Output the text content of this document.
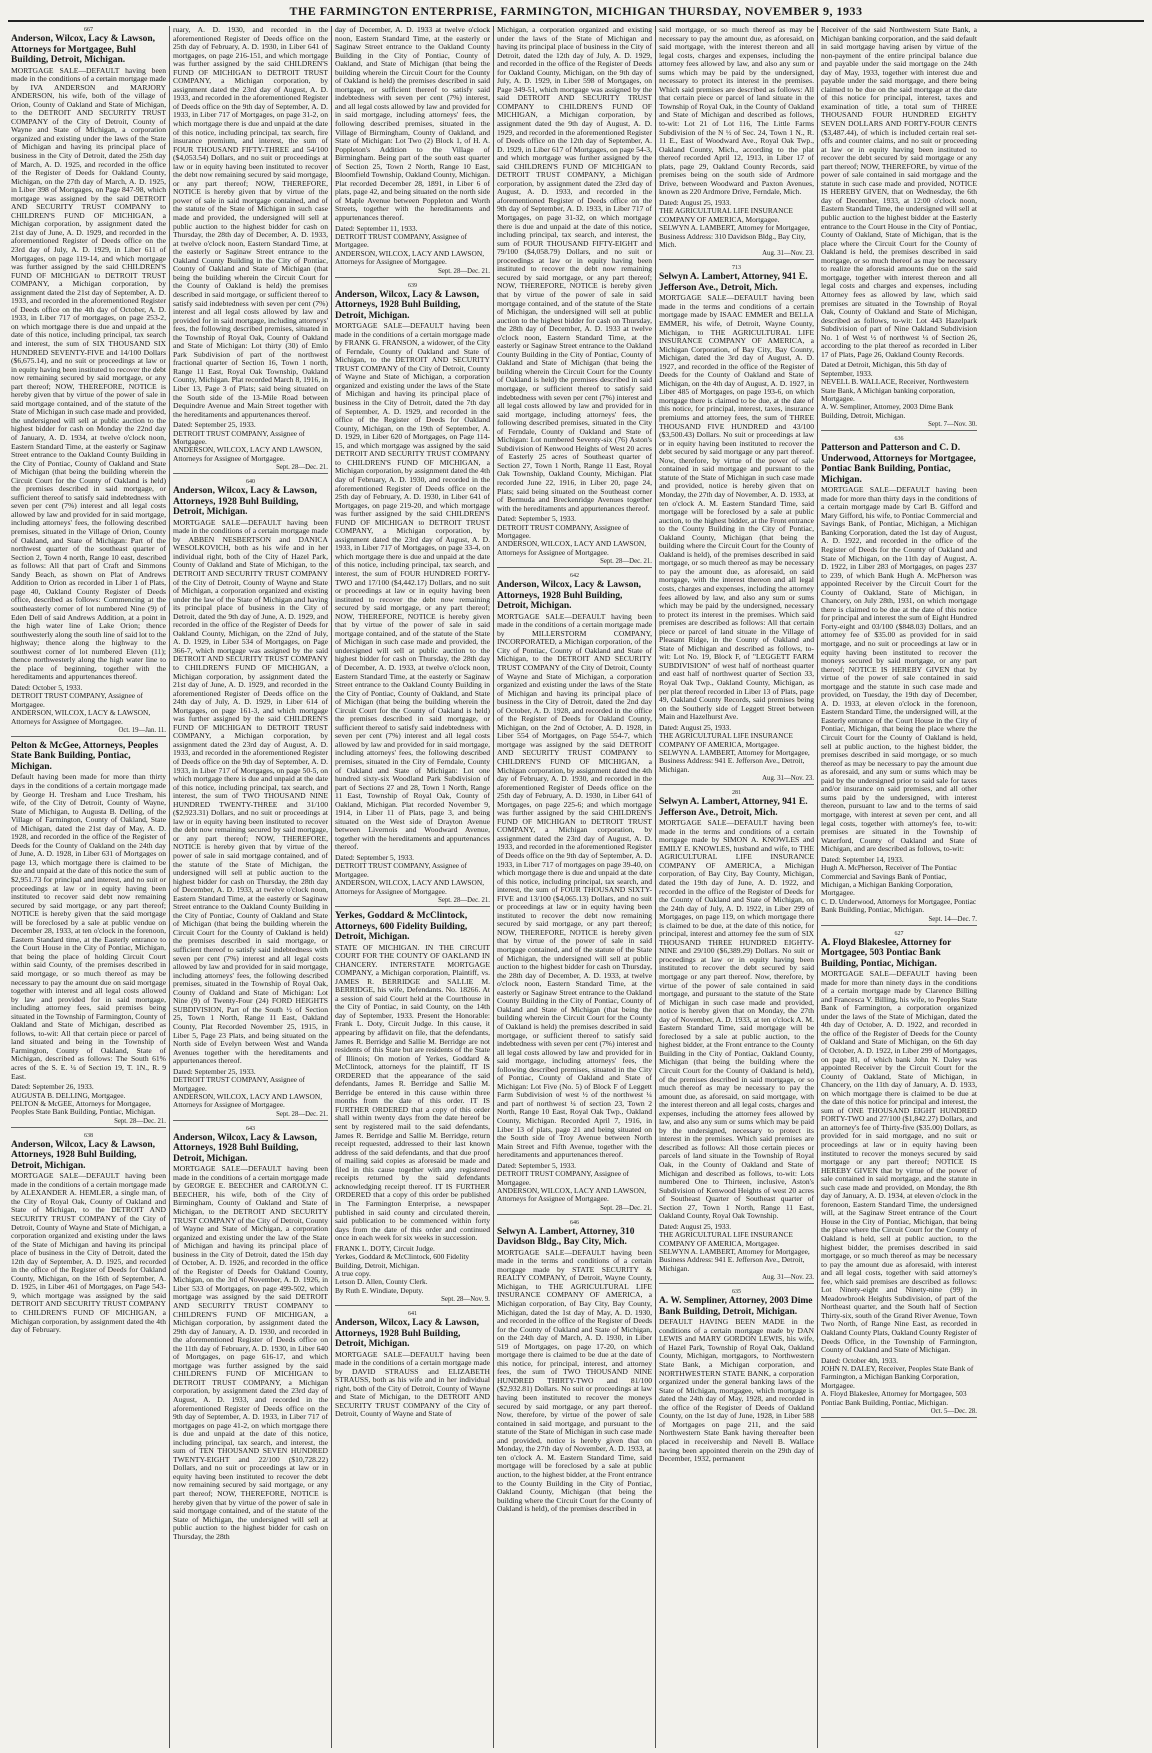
THE FARMINGTON ENTERPRISE, FARMINGTON, MICHIGAN THURSDAY, NOVEMBER 9, 1933
667
Anderson, Wilcox, Lacy & Lawson, Attorneys for Mortgagee, Buhl Building, Detroit, Michigan.
MORTGAGE SALE—DEFAULT having been made in the conditions of a certain mortgage made by IVA ANDERSON and MARJORY ANDERSON, his wife, both of the village of Orion, County of Oakland and State of Michigan, to the DETROIT AND SECURITY TRUST COMPANY of the City of Detroit, County of Wayne and State of Michigan, a corporation organized and existing under the laws of the State of Michigan and having its principal place of business in the City of Detroit, dated the 25th day of March, A. D. 1925, and recorded in the office of the Register of Deeds for Oakland County, Michigan, on the 27th day of March, A. D. 1925, in Liber 398 of Mortgages, on Page 847-98, which mortgage was assigned by the said DETROIT AND SECURITY TRUST COMPANY to CHILDREN'S FUND OF MICHIGAN, a Michigan corporation, by assignment dated the 21st day of June, A. D. 1929, and recorded in the aforementioned Register of Deeds office on the 23rd day of July, A. D. 1929, in Liber 611 of Mortgages, on page 119-14, and which mortgage was further assigned by the said CHILDREN'S FUND OF MICHIGAN to DETROIT TRUST COMPANY, a Michigan corporation, by assignment dated the 21st day of September, A. D. 1933, and recorded in the aforementioned Register of Deeds office on the 4th day of October, A. D. 1933, in Liber 717 of mortgages, on page 253-2, on which mortgage there is due and unpaid at the date of this notice, including principal, tax search and interest, the sum of SIX THOUSAND SIX HUNDRED SEVENTY-FIVE and 14/100 Dollars ($6,675.14), and no suit or proceedings at law or in equity having been instituted to recover the debt now remaining secured by said mortgage, or any part thereof; NOW, THEREFORE, NOTICE is hereby given that by virtue of the power of sale in said mortgage contained, and of the statute of the State of Michigan in such case made and provided, the undersigned will sell at public auction to the highest bidder for cash on Monday the 22nd day of January, A. D. 1934, at twelve o'clock noon, Eastern Standard Time, at the easterly or Saginaw Street entrance to the Oakland County Building in the City of Pontiac, County of Oakland and State of Michigan (that being the building wherein the Circuit Court for the County of Oakland is held) the premises described in said mortgage, or sufficient thereof to satisfy said indebtedness with seven per cent (7%) interest and all legal costs allowed by law and provided for in said mortgage, including attorneys' fees, the following described premises, situated in the Village of Orion, County of Oakland, and State of Michigan: Part of the northwest quarter of the southeast quarter of Section 2, Town 4 north, Range 10 east, described as follows: All that part of Craft and Simmons Sandy Beach, as shown on Plat of Andrews Addition to Orion as recorded in Liber 1 of Plats, page 40, Oakland County Register of Deeds office, described as follows: Commencing at the southeasterly corner of lot numbered Nine (9) of Eden Dell of said Andrews Addition, at a point in the high water line of Lake Orion; thence southwesterly along the south line of said lot to the highway; thence along the highway to the southwest corner of lot numbered Eleven (11); thence northwesterly along the high water line to the place of beginning, together with the hereditaments and appurtenances thereof.
Dated: October 5, 1933.
DETROIT TRUST COMPANY, Assignee of Mortgagee.
ANDERSON, WILCOX, LACY & LAWSON, Attorneys for Assignee of Mortgagee.
Oct. 19—Jan. 11.
Pelton & McGee, Attorneys, Peoples State Bank Building, Pontiac, Michigan.
Default having been made for more than thirty days in the conditions of a certain mortgage made by George H. Tresham and Luce Tresham, his wife, of the City of Detroit, County of Wayne, State of Michigan, to Augusta B. Delling, of the Village of Farmington, County of Oakland, State of Michigan, dated the 21st day of May, A. D. 1928, and recorded in the office of the Register of Deeds for the County of Oakland on the 24th day of June, A. D. 1928, in Liber 631 of Mortgages on page 13, which mortgage there is claimed to be due and unpaid at the date of this notice the sum of $2,951.73 for principal and interest, and no suit or proceedings at law or in equity having been instituted to recover said debt now remaining secured by said mortgage, or any part thereof; NOTICE is hereby given that the said mortgage will be foreclosed by a sale at public vendue on December 28, 1933, at ten o'clock in the forenoon, Eastern Standard time, at the Easterly entrance to the Court House in the City of Pontiac, Michigan, that being the place of holding Circuit Court within said County, of the premises described in said mortgage, or so much thereof as may be necessary to pay the amount due on said mortgage together with interest and all legal costs allowed by law and provided for in said mortgage, including attorney fees, said premises being situated in the Township of Farmington, County of Oakland and State of Michigan, described as follows, to-wit: All that certain piece or parcel of land situated and being in the Township of Farmington, County of Oakland, State of Michigan, described as follows: The South 61% acres of the S. E. ¼ of Section 19, T. 1N., R. 9 East.
Dated: September 26, 1933.
AUGUSTA B. DELLING, Mortgagee.
PELTON & McGEE, Attorneys for Mortgagee, Peoples State Bank Building, Pontiac, Michigan.
Sept. 28—Dec. 21.
638
Anderson, Wilcox, Lacy & Lawson, Attorneys, 1928 Buhl Building, Detroit, Michigan.
MORTGAGE SALE—DEFAULT having been made in the conditions of a certain mortgage made by ALEXANDER A. HEMLER, a single man, of the City of Royal Oak, County of Oakland and State of Michigan, to the DETROIT AND SECURITY TRUST COMPANY of the City of Detroit, County of Wayne and State of Michigan, a corporation organized and existing under the laws of the State of Michigan and having its principal place of business in the City of Detroit, dated the 12th day of September, A. D. 1925, and recorded in the office of the Register of Deeds for Oakland County, Michigan, on the 16th of September, A. D. 1925, in Liber 461 of Mortgages, on Page 543-9, which mortgage was assigned by the said DETROIT AND SECURITY TRUST COMPANY to CHILDREN'S FUND OF MICHIGAN, a Michigan corporation, by assignment dated the 4th day of February.
ruary, A. D. 1930, and recorded in the aforementioned Register of Deeds office on the 25th day of February, A. D. 1930, in Liber 641 of mortgages, on page 216-151, and which mortgage was further assigned by the said CHILDREN'S FUND OF MICHIGAN to DETROIT TRUST COMPANY, a Michigan corporation, by assignment dated the 23rd day of August, A. D. 1933, and recorded in the aforementioned Register of Deeds office on the 9th day of September, A. D. 1933, in Liber 717 of Mortgages, on page 31-2, on which mortgage there is due and unpaid at the date of this notice, including principal, tax search, fire insurance premium, and interest, the sum of FOUR THOUSAND FIFTY-THREE and 54/100 ($4,053.54) Dollars, and no suit or proceedings at law or in equity having been instituted to recover the debt now remaining secured by said mortgage, or any part thereof; NOW, THEREFORE, NOTICE is hereby given that by virtue of the power of sale in said mortgage contained, and of the statute of the State of Michigan in such case made and provided, the undersigned will sell at public auction to the highest bidder for cash on Thursday, the 28th day of December, A. D. 1933, at twelve o'clock noon, Eastern Standard Time, at the easterly or Saginaw Street entrance to the Oakland County Building in the City of Pontiac, County of Oakland and State of Michigan (that being the building wherein the Circuit Court for the County of Oakland is held) the premises described in said mortgage, or sufficient thereof to satisfy said indebtedness with seven per cent (7%) interest and all legal costs allowed by law and provided for in said mortgage, including attorneys' fees, the following described premises, situated in the Township of Royal Oak, County of Oakland and State of Michigan: Lot thirty (30) of Emlo Park Subdivision of part of the northwest fractional quarter of Section 16, Town 1 north, Range 11 East, Royal Oak Township, Oakland County, Michigan. Plat recorded March 8, 1916, in Liber 13, Page 3 of Plats; said being situated on the South side of the 13-Mile Road between Dequindre Avenue and Main Street together with the hereditaments and appurtenances thereof.
Dated: September 25, 1933.
DETROIT TRUST COMPANY, Assignee of Mortgagee.
ANDERSON, WILCOX, LACY AND LAWSON, Attorneys for Assignee of Mortgagee.
Sept. 28—Dec. 21.
640
Anderson, Wilcox, Lacy & Lawson, Attorneys, 1928 Buhl Building, Detroit, Michigan.
MORTGAGE SALE—DEFAULT having been made in the conditions of a certain mortgage made by ABBEN NESBERTSON and DANICA WESOLKOVICH, both as his wife and in her individual right, both of the City of Hazel Park, County of Oakland and State of Michigan, to the DETROIT AND SECURITY TRUST COMPANY of the City of Detroit, County of Wayne and State of Michigan, a corporation organized and existing under the law of the State of Michigan and having its principal place of business in the City of Detroit, dated the 9th day of June, A. D. 1929, and recorded in the office of the Register of Deeds for Oakland County, Michigan, on the 22nd of July, A. D. 1929, in Liber 534 of Mortgages, on Page 366-7, which mortgage was assigned by the said DETROIT AND SECURITY TRUST COMPANY to CHILDREN'S FUND OF MICHIGAN, a Michigan corporation, by assignment dated the 21st day of June, A. D. 1929, and recorded in the aforementioned Register of Deeds office on the 24th day of July, A. D. 1929, in Liber 614 of Mortgages, on page 161-3, and which mortgage was further assigned by the said CHILDREN'S FUND OF MICHIGAN to DETROIT TRUST COMPANY, a Michigan corporation, by assignment dated the 23rd day of August, A. D. 1933, and recorded in the aforementioned Register of Deeds office on the 9th day of September, A. D. 1933, in Liber 717 of Mortgages, on page 50-5, on which mortgage there is due and unpaid at the date of this notice, including principal, tax search, and interest, the sum of TWO THOUSAND NINE HUNDRED TWENTY-THREE and 31/100 ($2,923.31) Dollars, and no suit or proceedings at law or in equity having been instituted to recover the debt now remaining secured by said mortgage, or any part thereof; NOW, THEREFORE, NOTICE is hereby given that by virtue of the power of sale in said mortgage contained, and of the statute of the State of Michigan, the undersigned will sell at public auction to the highest bidder for cash on Thursday, the 28th day of December, A. D. 1933, at twelve o'clock noon, Eastern Standard Time, at the easterly or Saginaw Street entrance to the Oakland County Building in the City of Pontiac, County of Oakland and State of Michigan (that being the building wherein the Circuit Court for the County of Oakland is held) the premises described in said mortgage, or sufficient thereof to satisfy said indebtedness with seven per cent (7%) interest and all legal costs allowed by law and provided for in said mortgage, including attorneys' fees, the following described premises, situated in the Township of Royal Oak, County of Oakland and State of Michigan: Lot Nine (9) of Twenty-Four (24) FORD HEIGHTS SUBDIVISION, Part of the South ½ of Section 25, Town 1 North, Range 11 East, Oakland County, Plat Recorded November 25, 1915, in Liber 5, Page 23 Plats, and being situated on the North side of Evelyn between West and Wanda Avenues together with the hereditaments and appurtenances thereof.
Dated: September 25, 1933.
DETROIT TRUST COMPANY, Assignee of Mortgagee.
ANDERSON, WILCOX, LACY AND LAWSON, Attorneys for Assignee of Mortgagee.
Sept. 28—Dec. 21.
643
Anderson, Wilcox, Lacy & Lawson, Attorneys, 1928 Buhl Building, Detroit, Michigan.
MORTGAGE SALE—DEFAULT having been made in the conditions of a certain mortgage made by GEORGE E. BEECHER and CAROLYN C. BEECHER, his wife, both of the City of Birmingham, County of Oakland and State of Michigan, to the DETROIT AND SECURITY TRUST COMPANY of the City of Detroit, County of Wayne and State of Michigan, a corporation organized and existing under the law of the State of Michigan and having its principal place of business in the City of Detroit, dated the 15th day of October, A. D. 1926, and recorded in the office of the Register of Deeds for Oakland County, Michigan, on the 3rd of November, A. D. 1926, in Liber 533 of Mortgages, on page 499-502, which mortgage was assigned by the said DETROIT AND SECURITY TRUST COMPANY to CHILDREN'S FUND OF MICHIGAN, a Michigan corporation, by assignment dated the 29th day of January, A. D. 1930, and recorded in the aforementioned Register of Deeds office on the 11th day of February, A. D. 1930, in Liber 640 of Mortgages, on page 616-17, and which mortgage was further assigned by the said CHILDREN'S FUND OF MICHIGAN to DETROIT TRUST COMPANY, a Michigan corporation, by assignment dated the 23rd day of August, A. D. 1933, and recorded in the aforementioned Register of Deeds office on the 9th day of September, A. D. 1933, in Liber 717 of mortgages on page 41-2, on which mortgage there is due and unpaid at the date of this notice, including principal, tax search, and interest, the sum of TEN THOUSAND SEVEN HUNDRED TWENTY-EIGHT and 22/100 ($10,728.22) Dollars, and no suit or proceedings at law or in equity having been instituted to recover the debt now remaining secured by said mortgage, or any part thereof; NOW, THEREFORE, NOTICE is hereby given that by virtue of the power of sale in said mortgage contained, and of the statute of the State of Michigan, the undersigned will sell at public auction to the highest bidder for cash on Thursday, the 28th
day of December, A. D. 1933 at twelve o'clock noon, Eastern Standard Time, at the easterly or Saginaw Street entrance to the Oakland County Building in the City of Pontiac, County of Oakland, and State of Michigan (that being the building wherein the Circuit Court for the County of Oakland is held) the premises described in said mortgage, or sufficient thereof to satisfy said indebtedness with seven per cent (7%) interest, and all legal costs allowed by law and provided for in said mortgage, including attorneys' fees, the following described premises, situated in the Village of Birmingham, County of Oakland, and State of Michigan: Lot Two (2) Block 1, of H. A. Poppleton's Addition to the Village of Birmingham. Being part of the south east quarter of Section 25, Town 2 North, Range 10 East, Bloomfield Township, Oakland County, Michigan. Plat recorded December 28, 1891, in Liber 6 of plats, page 42, and being situated on the north side of Maple Avenue between Poppleton and Worth Streets, together with the hereditaments and appurtenances thereof.
Dated: September 11, 1933.
DETROIT TRUST COMPANY, Assignee of Mortgagee.
ANDERSON, WILCOX, LACY AND LAWSON, Attorneys for Assignee of Mortgagee.
Sept. 28—Dec. 21.
639
Anderson, Wilcox, Lacy & Lawson, Attorneys, 1928 Buhl Building, Detroit, Michigan.
MORTGAGE SALE—DEFAULT having been made in the conditions of a certain mortgage made by FRANK G. FRANSON, a widower, of the City of Ferndale, County of Oakland and State of Michigan, to the DETROIT AND SECURITY TRUST COMPANY of the City of Detroit, County of Wayne and State of Michigan, a corporation organized and existing under the laws of the State of Michigan and having its principal place of business in the City of Detroit, dated the 7th day of September, A. D. 1929, and recorded in the office of the Register of Deeds for Oakland County, Michigan, on the 19th of September, A. D. 1929, in Liber 620 of Mortgages, on Page 114-15, and which mortgage was assigned by the said DETROIT AND SECURITY TRUST COMPANY to CHILDREN'S FUND OF MICHIGAN, a Michigan corporation, by assignment dated the 4th day of February, A. D. 1930, and recorded in the aforementioned Register of Deeds office on the 25th day of February, A. D. 1930, in Liber 641 of Mortgages, on page 219-20, and which mortgage was further assigned by the said CHILDREN'S FUND OF MICHIGAN to DETROIT TRUST COMPANY, a Michigan corporation, by assignment dated the 23rd day of August, A. D. 1933, in Liber 717 of Mortgages, on page 33-4, on which mortgage there is due and unpaid at the date of this notice, including principal, tax search, and interest, the sum of FOUR HUNDRED FORTY-TWO and 17/100 ($4,442.17) Dollars, and no suit or proceedings at law or in equity having been instituted to recover the debt now remaining secured by said mortgage, or any part thereof; NOW, THEREFORE, NOTICE is hereby given that by virtue of the power of sale in said mortgage contained, and of the statute of the State of Michigan in such case made and provided, the undersigned will sell at public auction to the highest bidder for cash on Thursday, the 28th day of December, A. D. 1933, at twelve o'clock noon, Eastern Standard Time, at the easterly or Saginaw Street entrance to the Oakland County Building in the City of Pontiac, County of Oakland, and State of Michigan (that being the building wherein the Circuit Court for the County of Oakland is held) the premises described in said mortgage, or sufficient thereof to satisfy said indebtedness with seven per cent (7%) interest and all legal costs allowed by law and provided for in said mortgage, including attorneys' fees, the following described premises, situated in the City of Ferndale, County of Oakland and State of Michigan: Lot one hundred sixty-six Woodland Park Subdivision of part of Sections 27 and 28, Town 1 North, Range 11 East, Township of Royal Oak, County of Oakland, Michigan. Plat recorded November 9, 1914, in Liber 11 of Plats, page 3, and being situated on the West side of Drayton Avenue between Livernois and Woodward Avenue, together with the hereditaments and appurtenances thereof.
Dated: September 5, 1933.
DETROIT TRUST COMPANY, Assignee of Mortgagee.
ANDERSON, WILCOX, LACY AND LAWSON, Attorneys for Assignee of Mortgagee.
Sept. 28—Dec. 21.
Yerkes, Goddard & McClintock, Attorneys, 600 Fidelity Building, Detroit, Michigan.
STATE OF MICHIGAN. IN THE CIRCUIT COURT FOR THE COUNTY OF OAKLAND IN CHANCERY. INTERSTATE MORTGAGE COMPANY, a Michigan corporation, Plaintiff, vs. JAMES R. BERRIDGE and SALLIE M. BERRIDGE, his wife, Defendants. No. 18266. At a session of said Court held at the Courthouse in the City of Pontiac, in said County, on the 14th day of September, 1933. Present the Honorable: Frank L. Doty, Circuit Judge. In this cause, it appearing by affidavit on file, that the defendants, James R. Berridge and Sallie M. Berridge are not residents of this State but are residents of the State of Illinois; On motion of Yerkes, Goddard & McClintock, attorneys for the plaintiff, IT IS ORDERED that the appearance of the said defendants, James R. Berridge and Sallie M. Berridge be entered in this cause within three months from the date of this order. IT IS FURTHER ORDERED that a copy of this order shall within twenty days from the date hereof be sent by registered mail to the said defendants, James R. Berridge and Sallie M. Berridge, return receipt requested, addressed to their last known address of the said defendants, and that due proof of mailing said copies as aforesaid be made and filed in this cause together with any registered receipts returned by the said defendants acknowledging receipt thereof. IT IS FURTHER ORDERED that a copy of this order be published in The Farmington Enterprise, a newspaper published in said county and circulated therein, said publication to be commenced within forty days from the date of this order and continued once in each week for six weeks in succession.
FRANK L. DOTY, Circuit Judge.
Yerkes, Goddard & McClintock, 600 Fidelity Building, Detroit, Michigan.
A true copy.
Letson D. Allen, County Clerk.
By Ruth E. Windiate, Deputy.
Sept. 28—Nov. 9.
641
Anderson, Wilcox, Lacy & Lawson, Attorneys, 1928 Buhl Building, Detroit, Michigan.
MORTGAGE SALE—DEFAULT having been made in the conditions of a certain mortgage made by DAVID STRAUSS and ELIZABETH STRAUSS, both as his wife and in her individual right, both of the City of Detroit, County of Wayne and State of Michigan, to the DETROIT AND SECURITY TRUST COMPANY of the City of Detroit, County of Wayne and State of
Michigan, a corporation organized and existing under the laws of the State of Michigan and having its principal place of business in the City of Detroit, dated the 12th day of July, A. D. 1929, and recorded in the office of the Register of Deeds for Oakland County, Michigan, on the 9th day of July, A. D. 1929, in Liber 598 of Mortgages, on Page 349-51, which mortgage was assigned by the said DETROIT AND SECURITY TRUST COMPANY to CHILDREN'S FUND OF MICHIGAN, a Michigan corporation, by assignment dated the 9th day of August, A. D. 1929, and recorded in the aforementioned Register of Deeds office on the 12th day of September, A. D. 1929, in Liber 617 of Mortgages, on page 54-3, and which mortgage was further assigned by the said CHILDREN'S FUND OF MICHIGAN to DETROIT TRUST COMPANY, a Michigan corporation, by assignment dated the 23rd day of August, A. D. 1933, and recorded in the aforementioned Register of Deeds office on the 9th day of September, A. D. 1933, in Liber 717 of Mortgages, on page 31-32, on which mortgage there is due and unpaid at the date of this notice, including principal, tax search, and interest, the sum of FOUR THOUSAND FIFTY-EIGHT and 79/100 ($4,058.79) Dollars, and no suit or proceedings at law or in equity having been instituted to recover the debt now remaining secured by said mortgage, or any part thereof; NOW, THEREFORE, NOTICE is hereby given that by virtue of the power of sale in said mortgage contained, and of the statute of the State of Michigan, the undersigned will sell at public auction to the highest bidder for cash on Thursday, the 28th day of December, A. D. 1933 at twelve o'clock noon, Eastern Standard Time, at the easterly or Saginaw Street entrance to the Oakland County Building in the City of Pontiac, County of Oakland and State of Michigan (that being the building wherein the Circuit Court for the County of Oakland is held) the premises described in said mortgage, or sufficient thereof to satisfy said indebtedness with seven per cent (7%) interest and all legal costs allowed by law and provided for in said mortgage, including attorneys' fees, the following described premises, situated in the City of Ferndale, County of Oakland and State of Michigan: Lot numbered Seventy-six (76) Aston's Subdivision of Kenwood Heights of West 20 acres of Easterly 25 acres of Southeast quarter of Section 27, Town 1 North, Range 11 East, Royal Oak Township, Oakland County, Michigan. Plat recorded June 22, 1916, in Liber 20, page 24, Plats; said being situated on the Southeast corner of Bermuda and Breckenridge Avenues together with the hereditaments and appurtenances thereof.
Dated: September 5, 1933.
DETROIT TRUST COMPANY, Assignee of Mortgagee.
ANDERSON, WILCOX, LACY AND LAWSON, Attorneys for Assignee of Mortgagee.
Sept. 28—Dec. 21.
642
Anderson, Wilcox, Lacy & Lawson, Attorneys, 1928 Buhl Building, Detroit, Michigan.
MORTGAGE SALE—DEFAULT having been made in the conditions of a certain mortgage made by MILLERSTORM COMPANY, INCORPORATED, a Michigan corporation, of the City of Pontiac, County of Oakland and State of Michigan, to the DETROIT AND SECURITY TRUST COMPANY of the City of Detroit, County of Wayne and State of Michigan, a corporation organized and existing under the laws of the State of Michigan and having its principal place of business in the City of Detroit, dated the 2nd day of October, A. D. 1928, and recorded in the office of the Register of Deeds for Oakland County, Michigan, on the 2nd of October, A. D. 1928, in Liber 554 of Mortgages, on Page 554-7, which mortgage was assigned by the said DETROIT AND SECURITY TRUST COMPANY to CHILDREN'S FUND OF MICHIGAN, a Michigan corporation, by assignment dated the 4th day of February, A. D. 1930, and recorded in the aforementioned Register of Deeds office on the 25th day of February, A. D. 1930, in Liber 641 of Mortgages, on page 225-6; and which mortgage was further assigned by the said CHILDREN'S FUND OF MICHIGAN to DETROIT TRUST COMPANY, a Michigan corporation, by assignment dated the 23rd day of August, A. D. 1933, and recorded in the aforementioned Register of Deeds office on the 9th day of September, A. D. 1933, in Liber 717 of mortgages on page 39-40, on which mortgage there is due and unpaid at the date of this notice, including principal, tax search, and interest, the sum of FOUR THOUSAND SIXTY-FIVE and 13/100 ($4,065.13) Dollars, and no suit or proceedings at law or in equity having been instituted to recover the debt now remaining secured by said mortgage, or any part thereof; NOW, THEREFORE, NOTICE is hereby given that by virtue of the power of sale in said mortgage contained, and of the statute of the State of Michigan, the undersigned will sell at public auction to the highest bidder for cash on Thursday, the 28th day of December, A. D. 1933, at twelve o'clock noon, Eastern Standard Time, at the easterly or Saginaw Street entrance to the Oakland County Building in the City of Pontiac, County of Oakland and State of Michigan (that being the building wherein the Circuit Court for the County of Oakland is held) the premises described in said mortgage, or sufficient thereof to satisfy said indebtedness with seven per cent (7%) interest and all legal costs allowed by law and provided for in said mortgage, including attorneys' fees, the following described premises, situated in the City of Pontiac, County of Oakland and State of Michigan: Lot Five (No. 5) of Block F of Leggett Farm Subdivision of west ½ of the northwest ¼ and part of northwest ¼ of section 23, Town 2 North, Range 10 East, Royal Oak Twp., Oakland County, Michigan. Recorded April 7, 1916, in Liber 13 of plats, page 21 and being situated on the South side of Troy Avenue between North Main Street and Fifth Avenue, together with the hereditaments and appurtenances thereof.
Dated: September 5, 1933.
DETROIT TRUST COMPANY, Assignee of Mortgagee.
ANDERSON, WILCOX, LACY AND LAWSON, Attorneys for Assignee of Mortgagee.
Sept. 28—Dec. 21.
646
Selwyn A. Lambert, Attorney, 310 Davidson Bldg., Bay City, Mich.
MORTGAGE SALE—DEFAULT having been made in the terms and conditions of a certain mortgage made by STATE SECURITY & REALTY COMPANY, of Detroit, Wayne County, Michigan, to THE AGRICULTURAL LIFE INSURANCE COMPANY OF AMERICA, a Michigan corporation, of Bay City, Bay County, Michigan, dated the 1st day of May, A. D. 1930, and recorded in the office of the Register of Deeds for the County of Oakland and State of Michigan, on the 24th day of March, A. D. 1930, in Liber 519 of Mortgages, on page 17-20, on which mortgage there is claimed to be due at the date of this notice, for principal, interest, and attorney fees, the sum of TWO THOUSAND NINE HUNDRED THIRTY-TWO and 81/100 ($2,932.81) Dollars. No suit or proceedings at law having been instituted to recover the moneys secured by said mortgage, or any part thereof. Now, therefore, by virtue of the power of sale contained in said mortgage, and pursuant to the statute of the State of Michigan in such case made and provided, notice is hereby given that on Monday, the 27th day of November, A. D. 1933, at ten o'clock A. M. Eastern Standard Time, said mortgage will be foreclosed by a sale at public auction, to the highest bidder, at the Front entrance to the County Building in the City of Pontiac, Oakland County, Michigan (that being the building where the Circuit Court for the County of Oakland is held), of the premises described in
said mortgage, or so much thereof as may be necessary to pay the amount due, as aforesaid, on said mortgage, with the interest thereon and all legal costs, charges and expenses, including the attorney fees allowed by law, and also any sum or sums which may be paid by the undersigned, necessary to protect its interest in the premises. Which said premises are described as follows: All that certain piece or parcel of land situate in the Township of Royal Oak, in the County of Oakland and State of Michigan and described as follows, to-wit: Lot 21 of Lot 116, The Little Farms Subdivision of the N ½ of Sec. 24, Town 1 N., R. 11 E., East of Woodward Ave., Royal Oak Twp., Oakland County, Mich., according to the plat thereof recorded April 12, 1913, in Liber 17 of plats, page 29, Oakland County Records, said premises being on the south side of Ardmore Drive, between Woodward and Paxton Avenues, known as 220 Ardmore Drive, Ferndale, Mich.
Dated: August 25, 1933.
THE AGRICULTURAL LIFE INSURANCE COMPANY OF AMERICA, Mortgagee.
SELWYN A. LAMBERT, Attorney for Mortgagee, Business Address: 310 Davidson Bldg., Bay City, Mich.
Aug. 31—Nov. 23.
713
Selwyn A. Lambert, Attorney, 941 E. Jefferson Ave., Detroit, Mich.
MORTGAGE SALE—DEFAULT having been made in the terms and conditions of a certain mortgage made by ISAAC EMMER and BELLA EMMER, his wife, of Detroit, Wayne County, Michigan, to THE AGRICULTURAL LIFE INSURANCE COMPANY OF AMERICA, a Michigan Corporation, of Bay City, Bay County, Michigan, dated the 3rd day of August, A. D. 1927, and recorded in the office of the Register of Deeds for the County of Oakland and State of Michigan, on the 4th day of August, A. D. 1927, in Liber 485 of Mortgages, on page 193-6, on which mortgage there is claimed to be due, at the date of this notice, for principal, interest, taxes, insurance premiums and attorney fees, the sum of THREE THOUSAND FIVE HUNDRED and 43/100 ($3,500.43) Dollars. No suit or proceedings at law or in equity having been instituted to recover the debt secured by said mortgage or any part thereof. Now, therefore, by virtue of the power of sale contained in said mortgage and pursuant to the statute of the State of Michigan in such case made and provided, notice is hereby given that on Monday, the 27th day of November, A. D. 1933, at ten o'clock A. M. Eastern Standard Time, said mortgage will be foreclosed by a sale at public auction, to the highest bidder, at the Front entrance to the County Building in the City of Pontiac, Oakland County, Michigan (that being the building where the Circuit Court for the County of Oakland is held), of the premises described in said mortgage, or so much thereof as may be necessary to pay the amount due, as aforesaid, on said mortgage, with the interest thereon and all legal costs, charges and expenses, including the attorney fees allowed by law, and also any sum or sums which may be paid by the undersigned, necessary to protect its interest in the premises. Which said premises are described as follows: All that certain piece or parcel of land situate in the Village of Pleasant Ridge, in the County of Oakland and State of Michigan and described as follows, to-wit: Lot No. 19, Block F, of "LEGGETT FARM SUBDIVISION" of west half of northeast quarter and east half of northwest quarter of Section 33, Royal Oak Twp., Oakland County, Michigan, as per plat thereof recorded in Liber 13 of Plats, page 49, Oakland County Records, said premises being on the Southerly side of Leggett Street between Main and Hazelhurst Ave.
Dated: August 25, 1933.
THE AGRICULTURAL LIFE INSURANCE COMPANY OF AMERICA, Mortgagee.
SELWYN A. LAMBERT, Attorney for Mortgagee, Business Address: 941 E. Jefferson Ave., Detroit, Michigan.
Aug. 31—Nov. 23.
281
Selwyn A. Lambert, Attorney, 941 E. Jefferson Ave., Detroit, Mich.
MORTGAGE SALE—DEFAULT having been made in the terms and conditions of a certain mortgage made by SIMON A. KNOWLES and EMILY E. KNOWLES, husband and wife, to THE AGRICULTURAL LIFE INSURANCE COMPANY OF AMERICA, a Michigan corporation, of Bay City, Bay County, Michigan, dated the 19th day of June, A. D. 1922, and recorded in the office of the Register of Deeds for the County of Oakland and State of Michigan, on the 24th day of July, A. D. 1922, in Liber 299 of Mortgages, on page 119, on which mortgage there is claimed to be due, at the date of this notice, for principal, interest and attorney fee the sum of SIX THOUSAND THREE HUNDRED EIGHTY-NINE and 29/100 ($6,389.29) Dollars. No suit or proceedings at law or in equity having been instituted to recover the debt secured by said mortgage or any part thereof. Now, therefore, by virtue of the power of sale contained in said mortgage, and pursuant to the statute of the State of Michigan in such case made and provided, notice is hereby given that on Monday, the 27th day of November, A. D. 1933, at ten o'clock A. M. Eastern Standard Time, said mortgage will be foreclosed by a sale at public auction, to the highest bidder, at the Front entrance to the County Building in the City of Pontiac, Oakland County, Michigan (that being the building where the Circuit Court for the County of Oakland is held), of the premises described in said mortgage, or so much thereof as may be necessary to pay the amount due, as aforesaid, on said mortgage, with the interest thereon and all legal costs, charges and expenses, including the attorney fees allowed by law, and also any sum or sums which may be paid by the undersigned, necessary to protect its interest in the premises. Which said premises are described as follows: All those certain pieces or parcels of land situate in the Township of Royal Oak, in the County of Oakland and State of Michigan and described as follows, to-wit: Lots numbered One to Thirteen, inclusive, Aston's Subdivision of Kenwood Heights of west 20 acres of Southeast Quarter of Southeast quarter of Section 27, Town 1 North, Range 11 East, Oakland County, Royal Oak Township.
Dated: August 25, 1933.
THE AGRICULTURAL LIFE INSURANCE COMPANY OF AMERICA, Mortgagee.
SELWYN A. LAMBERT, Attorney for Mortgagee, Business Address: 941 E. Jefferson Ave., Detroit, Michigan.
Aug. 31—Nov. 23.
635
A. W. Sempliner, Attorney, 2003 Dime Bank Building, Detroit, Michigan.
DEFAULT HAVING BEEN MADE in the conditions of a certain mortgage made by DAN LEWIS and MARY GORDON LEWIS, his wife, of Hazel Park, Township of Royal Oak, Oakland County, Michigan, mortgagors, to Northwestern State Bank, a Michigan corporation, and NORTHWESTERN STATE BANK, a corporation organized under the general banking laws of the State of Michigan, mortgagee, which mortgage is dated the 24th day of May, 1928, and recorded in the office of the Register of Deeds of Oakland County, on the 1st day of June, 1928, in Liber 588 of Mortgages on page 211, and the said Northwestern State Bank having thereafter been placed in receivership and Nevell B. Wallace having been appointed therein on the 29th day of December, 1932, permanent
Receiver of the said Northwestern State Bank, a Michigan banking corporation, and the said default in said mortgage having arisen by virtue of the non-payment of the entire principal balance due and payable under the said mortgage on the 24th day of May, 1933, together with interest due and payable under the said mortgage, and there being claimed to be due on the said mortgage at the date of this notice for principal, interest, taxes and examination of title, a total sum of THREE THOUSAND FOUR HUNDRED EIGHTY SEVEN DOLLARS AND FORTY-FOUR CENTS ($3,487.44), of which is included certain real set-offs and counter claims, and no suit or proceeding at law or in equity having been instituted to recover the debt secured by said mortgage or any part thereof; NOW, THEREFORE, by virtue of the power of sale contained in said mortgage and the statute in such case made and provided, NOTICE IS HEREBY GIVEN, that on Wednesday, the 6th day of December, 1933, at 12:00 o'clock noon, Eastern Standard Time, the undersigned will sell at public auction to the highest bidder at the Easterly entrance to the Court House in the City of Pontiac, County of Oakland, State of Michigan, that is the place where the Circuit Court for the County of Oakland is held, the premises described in said mortgage, or so much thereof as may be necessary to realize the aforesaid amounts due on the said mortgage, together with interest thereon and all legal costs and charges and expenses, including Attorney fees as allowed by law, which said premises are situated in the Township of Royal Oak, County of Oakland and State of Michigan, described as follows, to-wit: Lot 443 Hazelpark Subdivision of part of Nine Oakland Subdivision No. 1 of West ½ of northwest ¼ of Section 26, according to the plat thereof as recorded in Liber 17 of Plats, Page 26, Oakland County Records.
Dated at Detroit, Michigan, this 5th day of September, 1933.
NEVELL B. WALLACE, Receiver, Northwestern State Bank, A Michigan banking corporation, Mortgagee.
A. W. Sempliner, Attorney, 2003 Dime Bank Building, Detroit, Michigan.
Sept. 7—Nov. 30.
636
Patterson and Patterson and C. D. Underwood, Attorneys for Mortgagee, Pontiac Bank Building, Pontiac, Michigan.
MORTGAGE SALE—DEFAULT having been made for more than thirty days in the conditions of a certain mortgage made by Carl B. Gifford and Mary Gifford, his wife, to Pontiac Commercial and Savings Bank, of Pontiac, Michigan, a Michigan Banking Corporation, dated the 1st day of August, A. D. 1922, and recorded in the office of the Register of Deeds for the County of Oakland and State of Michigan, on the 11th day of August, A. D. 1922, in Liber 283 of Mortgages, on pages 237 to 239, of which Bank Hugh A. McPherson was appointed Receiver by the Circuit Court for the County of Oakland, State of Michigan, in Chancery, on July 28th, 1931, on which mortgage there is claimed to be due at the date of this notice for principal and interest the sum of Eight Hundred Forty-eight and 03/100 ($848.03) Dollars, and an attorney fee of $35.00 as provided for in said mortgage, and no suit or proceedings at law or in equity having been instituted to recover the moneys secured by said mortgage, or any part thereof; NOTICE IS HEREBY GIVEN that by virtue of the power of sale contained in said mortgage and the statute in such case made and provided, on Tuesday, the 19th day of December, A. D. 1933, at eleven o'clock in the forenoon, Eastern Standard Time, the undersigned will, at the Easterly entrance of the Court House in the City of Pontiac, Michigan, that being the place where the Circuit Court for the County of Oakland is held, sell at public auction, to the highest bidder, the premises described in said mortgage, or so much thereof as may be necessary to pay the amount due as aforesaid, and any sum or sums which may be paid by the undersigned prior to said sale for taxes and/or insurance on said premises, and all other sums paid by the undersigned, with interest thereon, pursuant to law and to the terms of said mortgage, with interest at seven per cent, and all legal costs, together with attorney's fee, to-wit: premises are situated in the Township of Waterford, County of Oakland and State of Michigan, and are described as follows, to-wit:
Dated: September 14, 1933.
Hugh A. McPherson, Receiver of The Pontiac Commercial and Savings Bank of Pontiac, Michigan, a Michigan Banking Corporation, Mortgagee.
C. D. Underwood, Attorneys for Mortgagee, Pontiac Bank Building, Pontiac, Michigan.
Sept. 14—Dec. 7.
627
A. Floyd Blakeslee, Attorney for Mortgagee, 503 Pontiac Bank Building, Pontiac, Michigan.
MORTGAGE SALE—DEFAULT having been made for more than ninety days in the conditions of a certain mortgage made by Clarence Billing and Francesca V. Billing, his wife, to Peoples State Bank of Farmington, a corporation organized under the laws of the State of Michigan, dated the 4th day of October, A. D. 1922, and recorded in the office of the Register of Deeds for the County of Oakland and State of Michigan, on the 6th day of October, A. D. 1922, in Liber 299 of Mortgages, on page 81, of which bank John N. Daley was appointed Receiver by the Circuit Court for the County of Oakland, State of Michigan, in Chancery, on the 11th day of January, A. D. 1933, on which mortgage there is claimed to be due at the date of this notice for principal and interest, the sum of ONE THOUSAND EIGHT HUNDRED FORTY-TWO and 27/100 ($1,842.27) Dollars, and an attorney's fee of Thirty-five ($35.00) Dollars, as provided for in said mortgage, and no suit or proceedings at law or in equity having been instituted to recover the moneys secured by said mortgage or any part thereof; NOTICE IS HEREBY GIVEN that by virtue of the power of sale contained in said mortgage, and the statute in such case made and provided, on Monday, the 8th day of January, A. D. 1934, at eleven o'clock in the forenoon, Eastern Standard Time, the undersigned will, at the Saginaw Street entrance of the Court House in the City of Pontiac, Michigan, that being the place where the Circuit Court for the County of Oakland is held, sell at public auction, to the highest bidder, the premises described in said mortgage, or so much thereof as may be necessary to pay the amount due as aforesaid, with interest and all legal costs, together with said attorney's fee, which said premises are described as follows: Lot Ninety-eight and Ninety-nine (99) in Meadowbrook Heights Subdivision, of part of the Northeast quarter, and the South half of Section Thirty-six, south of the Grand River Avenue, Town Two North, of Range Nine East, as recorded in Oakland County Plats, Oakland County Register of Deeds Office, in the Township of Farmington, County of Oakland and State of Michigan.
Dated: October 4th, 1933.
JOHN N. DALEY, Receiver, Peoples State Bank of Farmington, a Michigan Banking Corporation, Mortgagee.
A. Floyd Blakeslee, Attorney for Mortgagee, 503 Pontiac Bank Building, Pontiac, Michigan.
Oct. 5—Dec. 28.
